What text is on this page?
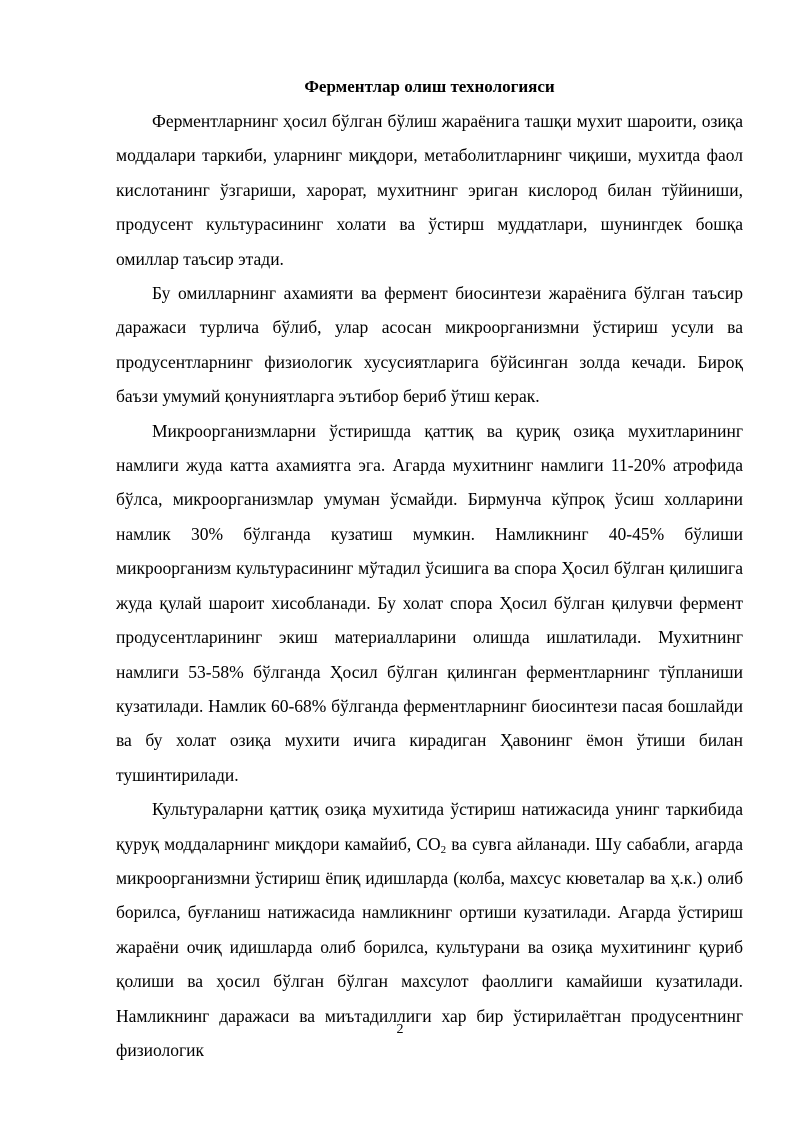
Ферментлар олиш технологияси

Ферментларнинг ҳосил бўлган бўлиш жараёнига ташқи мухит шароити, озиқа моддалари таркиби, уларнинг миқдори, метаболитларнинг чиқиши, мухитда фаол кислотанинг ўзгариши, харорат, мухитнинг эриган кислород билан тўйиниши, продусент культурасининг холати ва ўстирш муддатлари, шунингдек бошқа омиллар таъсир этади.

Бу омилларнинг ахамияти ва фермент биосинтези жараёнига бўлган таъсир даражаси турлича бўлиб, улар асосан микроорганизмни ўстириш усули ва продусентларнинг физиологик хусусиятларига бўйсинган золда кечади. Бироқ баъзи умумий қонуниятларга эътибор бериб ўтиш керак.

Микроорганизмларни ўстиришда қаттиқ ва қуриқ озиқа мухитларининг намлиги жуда катта ахамиятга эга. Агарда мухитнинг намлиги 11-20% атрофида бўлса, микроорганизмлар умуман ўсмайди. Бирмунча кўпроқ ўсиш холларини намлик 30% бўлганда кузатиш мумкин. Намликнинг 40-45% бўлиши микроорганизм культурасининг мўтадил ўсишига ва спора Ҳосил бўлган қилишига жуда қулай шароит хисобланади. Бу холат спора Ҳосил бўлган қилувчи фермент продусентларининг экиш материалларини олишда ишлатилади. Мухитнинг намлиги 53-58% бўлганда Ҳосил бўлган қилинган ферментларнинг тўпланиши кузатилади. Намлик 60-68% бўлганда ферментларнинг биосинтези пасая бошлайди ва бу холат озиқа мухити ичига кирадиган Ҳавонинг ёмон ўтиши билан тушинтирилади.

Культураларни қаттиқ озиқа мухитида ўстириш натижасида унинг таркибида қуруқ моддаларнинг миқдори камайиб, $CO_2$ ва сувга айланади. Шу сабабли, агарда микроорганизмни ўстириш ёпиқ идишларда (колба, махсус кюветалар ва ҳ.к.) олиб борилса, буғланиш натижасида намликнинг ортиши кузатилади. Агарда ўстириш жараёни очиқ идишларда олиб борилса, культурани ва озиқа мухитининг қуриб қолиши ва ҳосил бўлган бўлган махсулот фаоллиги камайиши кузатилади. Намликнинг даражаси ва миътадиллиги хар бир ўстирилаётган продусентнинг физиологик

2
